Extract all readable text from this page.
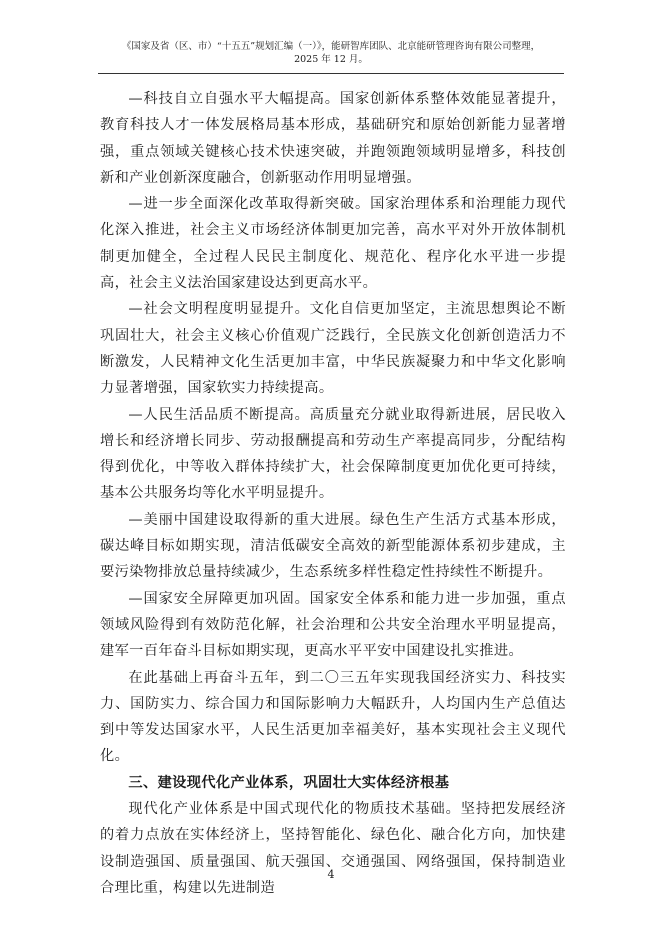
《国家及省（区、市）“十五五”规划汇编（一）》，能研智库团队、北京能研管理咨询有限公司整理，
2025 年 12 月。

—科技自立自强水平大幅提高。国家创新体系整体效能显著提升，教育科技人才一体发展格局基本形成，基础研究和原始创新能力显著增强，重点领域关键核心技术快速突破，并跑领跑领域明显增多，科技创新和产业创新深度融合，创新驱动作用明显增强。

—进一步全面深化改革取得新突破。国家治理体系和治理能力现代化深入推进，社会主义市场经济体制更加完善，高水平对外开放体制机制更加健全，全过程人民民主制度化、规范化、程序化水平进一步提高，社会主义法治国家建设达到更高水平。

—社会文明程度明显提升。文化自信更加坚定，主流思想舆论不断巩固壮大，社会主义核心价值观广泛践行，全民族文化创新创造活力不断激发，人民精神文化生活更加丰富，中华民族凝聚力和中华文化影响力显著增强，国家软实力持续提高。

—人民生活品质不断提高。高质量充分就业取得新进展，居民收入增长和经济增长同步、劳动报酬提高和劳动生产率提高同步，分配结构得到优化，中等收入群体持续扩大，社会保障制度更加优化更可持续，基本公共服务均等化水平明显提升。

—美丽中国建设取得新的重大进展。绿色生产生活方式基本形成，碳达峰目标如期实现，清洁低碳安全高效的新型能源体系初步建成，主要污染物排放总量持续减少，生态系统多样性稳定性持续性不断提升。

—国家安全屏障更加巩固。国家安全体系和能力进一步加强，重点领域风险得到有效防范化解，社会治理和公共安全治理水平明显提高，建军一百年奋斗目标如期实现，更高水平平安中国建设扎实推进。

在此基础上再奋斗五年，到二〇三五年实现我国经济实力、科技实力、国防实力、综合国力和国际影响力大幅跃升，人均国内生产总值达到中等发达国家水平，人民生活更加幸福美好，基本实现社会主义现代化。

三、建设现代化产业体系，巩固壮大实体经济根基

现代化产业体系是中国式现代化的物质技术基础。坚持把发展经济的着力点放在实体经济上，坚持智能化、绿色化、融合化方向，加快建设制造强国、质量强国、航天强国、交通强国、网络强国，保持制造业合理比重，构建以先进制造

4
